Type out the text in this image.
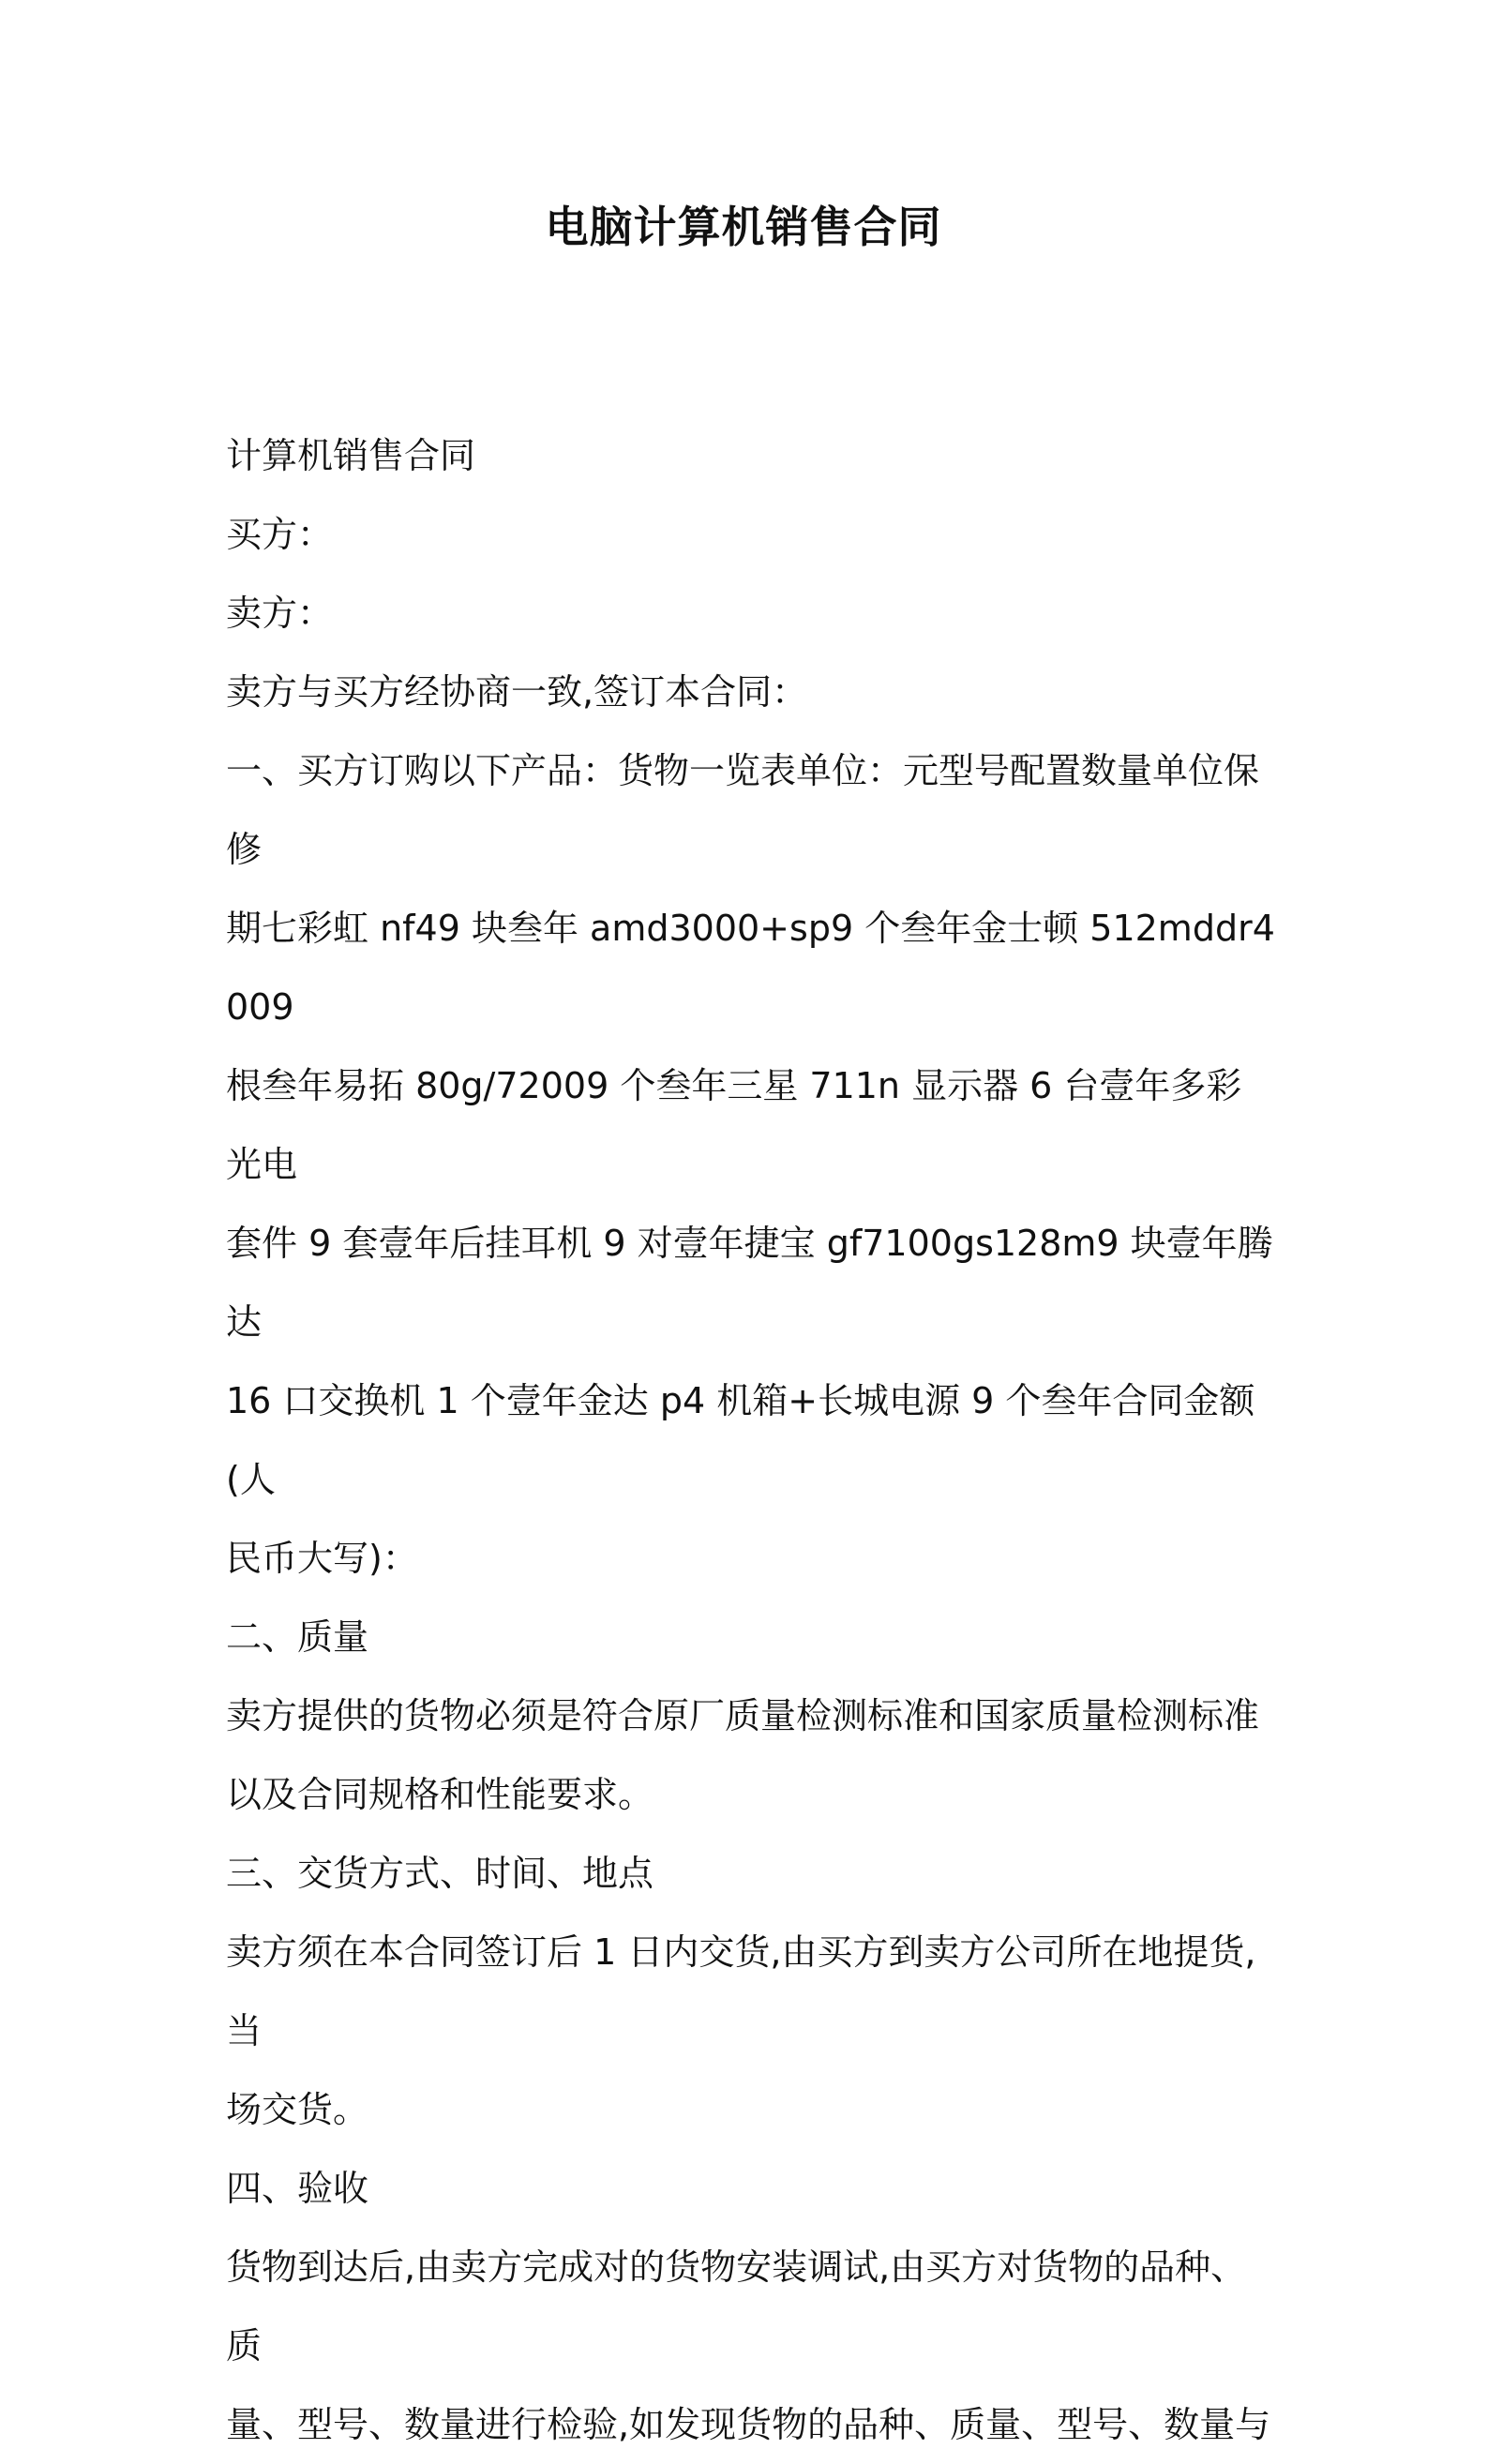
电脑计算机销售合同

计算机销售合同

买方：

卖方：

卖方与买方经协商一致,签订本合同：

一、买方订购以下产品：货物一览表单位：元型号配置数量单位保修

期七彩虹 nf49 块叁年 amd3000+sp9 个叁年金士顿 512mddr4009

根叁年易拓 80g/72009 个叁年三星 711n 显示器 6 台壹年多彩光电

套件 9 套壹年后挂耳机 9 对壹年捷宝 gf7100gs128m9 块壹年腾达

16 口交换机 1 个壹年金达 p4 机箱+长城电源 9 个叁年合同金额(人

民币大写)：

二、质量

卖方提供的货物必须是符合原厂质量检测标准和国家质量检测标准

以及合同规格和性能要求。

三、交货方式、时间、地点

卖方须在本合同签订后 1 日内交货,由买方到卖方公司所在地提货,当

场交货。

四、验收

货物到达后,由卖方完成对的货物安装调试,由买方对货物的品种、质

量、型号、数量进行检验,如发现货物的品种、质量、型号、数量与
